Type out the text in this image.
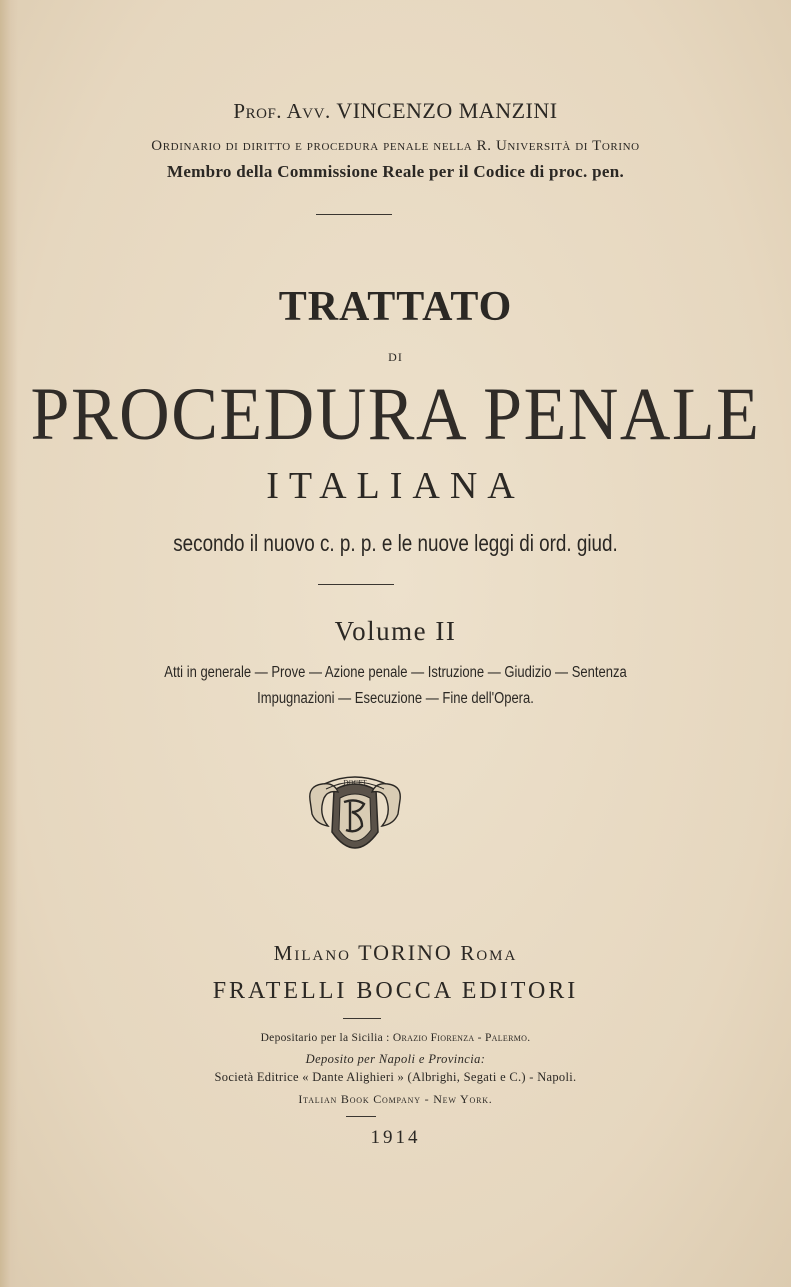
Prof. Avv. VINCENZO MANZINI
Ordinario di diritto e procedura penale nella R. Università di Torino
Membro della Commissione Reale per il Codice di proc. pen.
TRATTATO
DI
PROCEDURA PENALE
ITALIANA
secondo il nuovo c. p. p. e le nuove leggi di ord. giud.
Volume II
Atti in generale — Prove — Azione penale — Istruzione — Giudizio — Sentenza
Impugnazioni — Esecuzione — Fine dell'Opera.
DOCET
Milano TORINO Roma
FRATELLI BOCCA EDITORI
Depositario per la Sicilia : Orazio Fiorenza - Palermo.
Deposito per Napoli e Provincia:
Società Editrice « Dante Alighieri » (Albrighi, Segati e C.) - Napoli.
Italian Book Company - New York.
1914
